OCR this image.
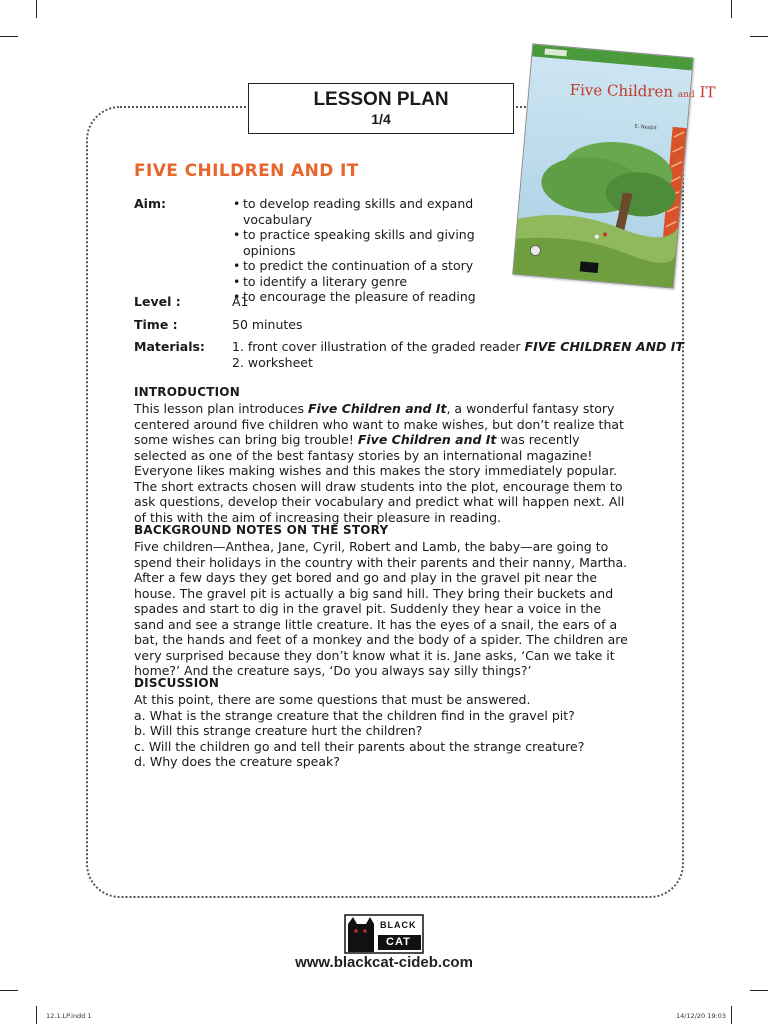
LESSON PLAN
1/4
Five Children and IT
E. Nesbit
FIVE CHILDREN AND IT
Aim:
•	to develop reading skills and expand vocabulary
• to practice speaking skills and giving opinions
• to predict the continuation of a story
• to identify a literary genre
• to encourage the pleasure of reading
Level :	A1
Time :	50 minutes
Materials: 1. front cover illustration of the graded reader FIVE CHILDREN AND IT
2. worksheet
INTRODUCTION
This lesson plan introduces Five Children and It, a wonderful fantasy story centered around five children who want to make wishes, but don’t realize that some wishes can bring big trouble! Five Children and It was recently selected as one of the best fantasy stories by an international magazine! Everyone likes making wishes and this makes the story immediately popular. The short extracts chosen will draw students into the plot, encourage them to ask questions, develop their vocabulary and predict what will happen next. All of this with the aim of increasing their pleasure in reading.
BACKGROUND NOTES ON THE STORY
Five children—Anthea, Jane, Cyril, Robert and Lamb, the baby—are going to spend their holidays in the country with their parents and their nanny, Martha. After a few days they get bored and go and play in the gravel pit near the house. The gravel pit is actually a big sand hill. They bring their buckets and spades and start to dig in the gravel pit. Suddenly they hear a voice in the sand and see a strange little creature. It has the eyes of a snail, the ears of a bat, the hands and feet of a monkey and the body of a spider. The children are very surprised because they don’t know what it is. Jane asks, ‘Can we take it home?’ And the creature says, ‘Do you always say silly things?’
DISCUSSION
At this point, there are some questions that must be answered.
a. What is the strange creature that the children find in the gravel pit?
b. Will this strange creature hurt the children?
c. Will the children go and tell their parents about the strange creature?
d. Why does the creature speak?
BLACK
CAT
www.blackcat-cideb.com
12.1.LP.indd 1	14/12/20 19:03
